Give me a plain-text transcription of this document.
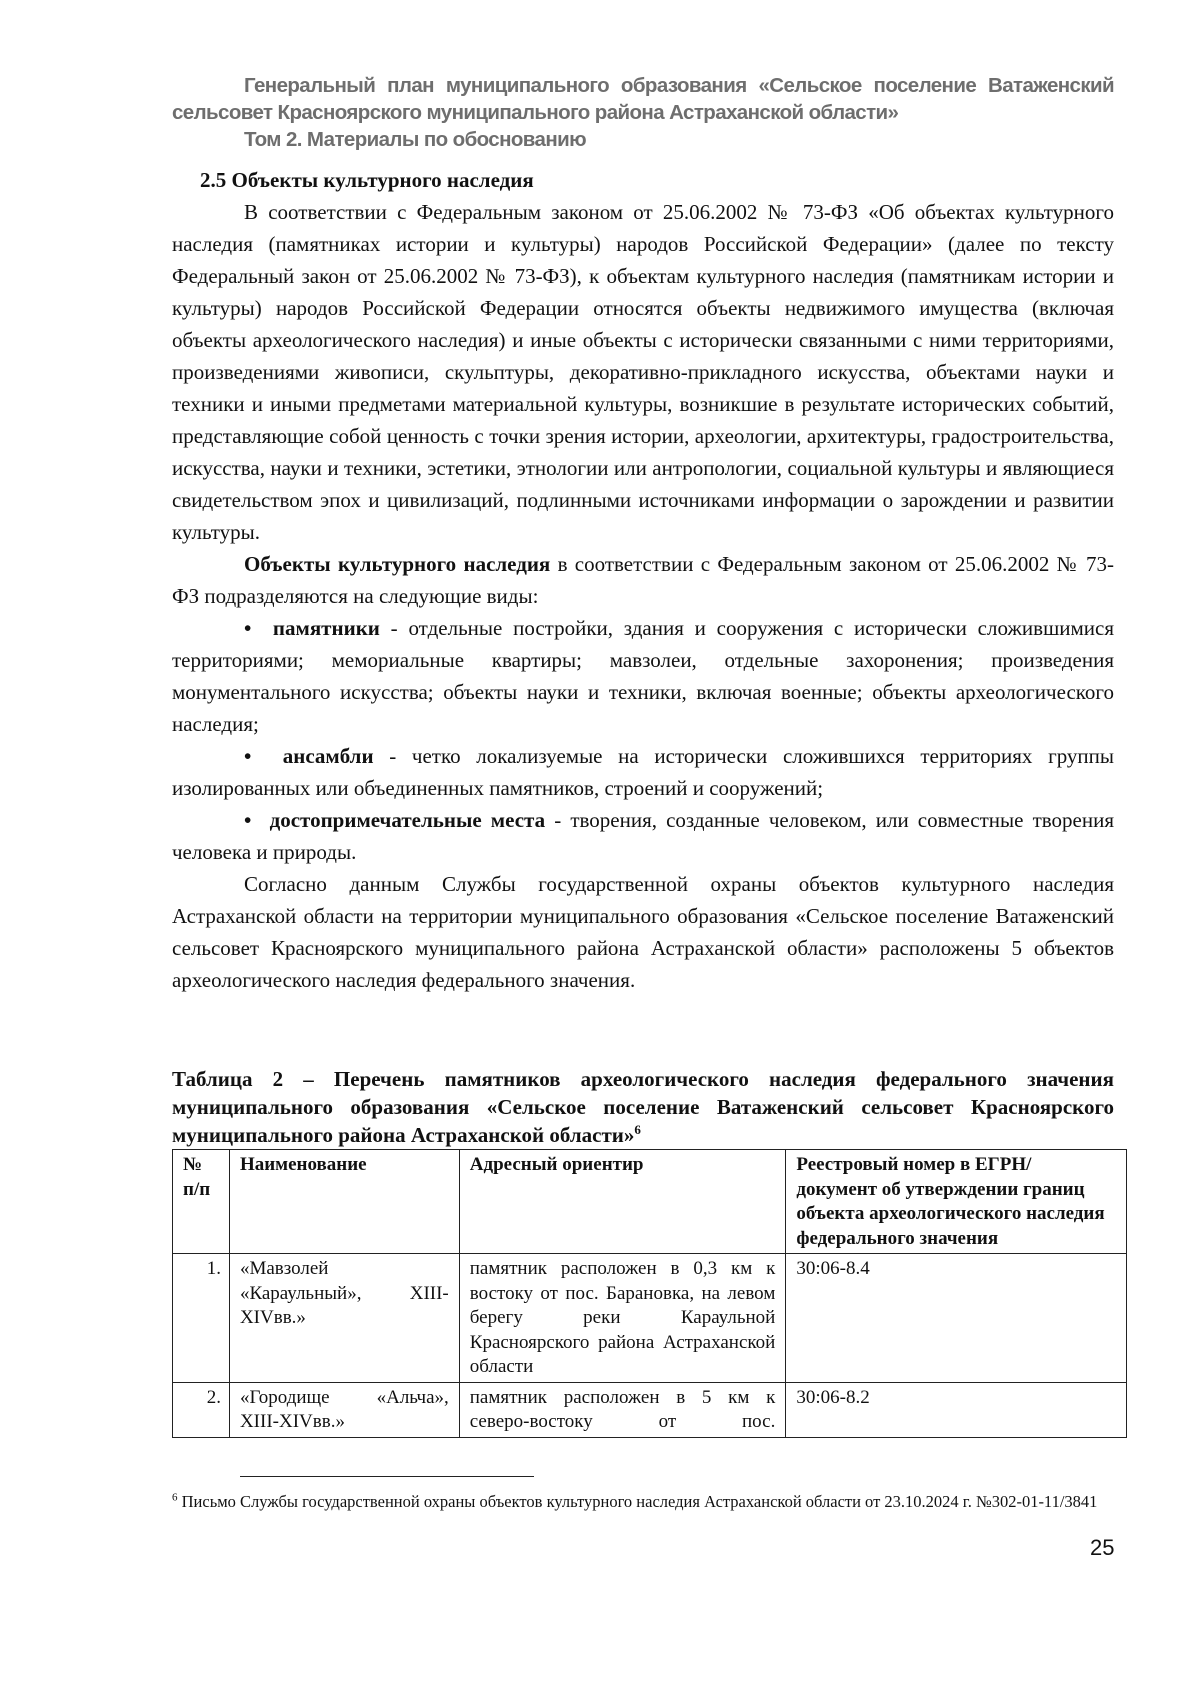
Генеральный план муниципального образования «Сельское поселение Ватаженский
сельсовет Красноярского муниципального района Астраханской области»
Том 2. Материалы по обоснованию
2.5 Объекты культурного наследия

В соответствии с Федеральным законом от 25.06.2002 № 73-ФЗ «Об объектах культурного наследия (памятниках истории и культуры) народов Российской Федерации» (далее по тексту Федеральный закон от 25.06.2002 № 73-ФЗ), к объектам культурного наследия (памятникам истории и культуры) народов Российской Федерации относятся объекты недвижимого имущества (включая объекты археологического наследия) и иные объекты с исторически связанными с ними территориями, произведениями живописи, скульптуры, декоративно-прикладного искусства, объектами науки и техники и иными предметами материальной культуры, возникшие в результате исторических событий, представляющие собой ценность с точки зрения истории, археологии, архитектуры, градостроительства, искусства, науки и техники, эстетики, этнологии или антропологии, социальной культуры и являющиеся свидетельством эпох и цивилизаций, подлинными источниками информации о зарождении и развитии культуры.

Объекты культурного наследия в соответствии с Федеральным законом от 25.06.2002 № 73-ФЗ подразделяются на следующие виды:

•  памятники - отдельные постройки, здания и сооружения с исторически сложившимися территориями; мемориальные квартиры; мавзолеи, отдельные захоронения; произведения монументального искусства; объекты науки и техники, включая военные; объекты археологического наследия;

•  ансамбли - четко локализуемые на исторически сложившихся территориях группы изолированных или объединенных памятников, строений и сооружений;

•  достопримечательные места - творения, созданные человеком, или совместные творения человека и природы.

Согласно данным Службы государственной охраны объектов культурного наследия Астраханской области на территории муниципального образования «Сельское поселение Ватаженский сельсовет Красноярского муниципального района Астраханской области» расположены 5 объектов археологического наследия федерального значения.

Таблица 2 – Перечень памятников археологического наследия федерального значения муниципального образования «Сельское поселение Ватаженский сельсовет Красноярского муниципального района Астраханской области»$^6$
№ п/п	Наименование	Адресный ориентир	Реестровый номер в ЕГРН/ документ об утверждении границ объекта археологического наследия федерального значения
1.	«Мавзолей «Караульный», XIII-XIVвв.»	памятник расположен в 0,3 км к востоку от пос. Барановка, на левом берегу реки Караульной Красноярского района Астраханской области	30:06-8.4
2.	«Городище «Альча», XIII-XIVвв.»	памятник расположен в 5 км к северо-востоку от пос.	30:06-8.2
$^6$ Письмо Службы государственной охраны объектов культурного наследия Астраханской области от 23.10.2024 г. №302-01-11/3841
25
